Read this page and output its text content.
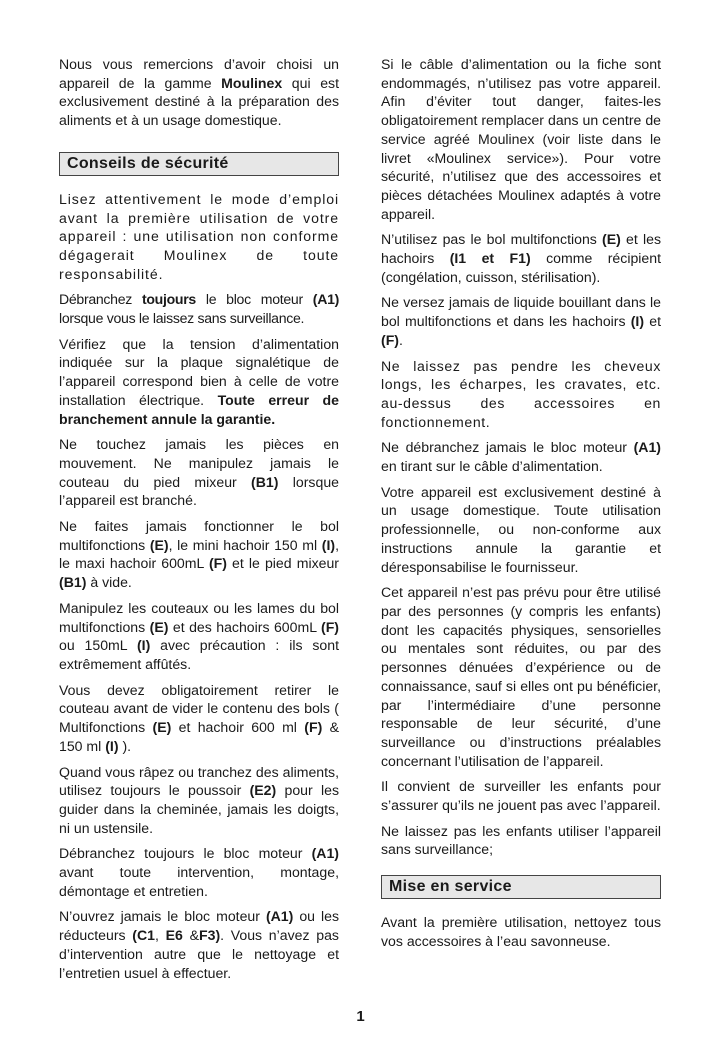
Nous vous remercions d’avoir choisi un appareil de la gamme Moulinex qui est exclusivement destiné à la préparation des aliments et à un usage domestique.

Conseils de sécurité

Lisez attentivement le mode d’emploi avant la première utilisation de votre appareil : une utilisation non conforme dégagerait Moulinex de toute responsabilité.

Débranchez toujours le bloc moteur (A1) lorsque vous le laissez sans surveillance.

Vérifiez que la tension d’alimentation indiquée sur la plaque signalétique de l’appareil correspond bien à celle de votre installation électrique. Toute erreur de branchement annule la garantie.

Ne touchez jamais les pièces en mouvement. Ne manipulez jamais le couteau du pied mixeur (B1) lorsque l’appareil est branché.

Ne faites jamais fonctionner le bol multifonctions (E), le mini hachoir 150 ml (I), le maxi hachoir 600mL (F) et le pied mixeur (B1) à vide.

Manipulez les couteaux ou les lames du bol multifonctions (E) et des hachoirs 600mL (F) ou 150mL (I) avec précaution : ils sont extrêmement affûtés.

Vous devez obligatoirement retirer le couteau avant de vider le contenu des bols ( Multifonctions (E) et hachoir 600 ml (F) & 150 ml (I) ).

Quand vous râpez ou tranchez des aliments, utilisez toujours le poussoir (E2) pour les guider dans la cheminée, jamais les doigts, ni un ustensile.

Débranchez toujours le bloc moteur (A1) avant toute intervention, montage, démontage et entretien.

N’ouvrez jamais le bloc moteur (A1) ou les réducteurs (C1, E6 &F3). Vous n’avez pas d’intervention autre que le nettoyage et l’entretien usuel à effectuer.

Si le câble d’alimentation ou la fiche sont endommagés, n’utilisez pas votre appareil. Afin d’éviter tout danger, faites-les obligatoirement remplacer dans un centre de service agréé Moulinex (voir liste dans le livret «Moulinex service»). Pour votre sécurité, n’utilisez que des accessoires et pièces détachées Moulinex adaptés à votre appareil.

N’utilisez pas le bol multifonctions (E) et les hachoirs (I1 et F1) comme récipient (congélation, cuisson, stérilisation).

Ne versez jamais de liquide bouillant dans le bol multifonctions et dans les hachoirs (I) et (F).

Ne laissez pas pendre les cheveux longs, les écharpes, les cravates, etc. au-dessus des accessoires en fonctionnement.

Ne débranchez jamais le bloc moteur (A1) en tirant sur le câble d’alimentation.

Votre appareil est exclusivement destiné à un usage domestique. Toute utilisation professionnelle, ou non-conforme aux instructions annule la garantie et déresponsabilise le fournisseur.

Cet appareil n’est pas prévu pour être utilisé par des personnes (y compris les enfants) dont les capacités physiques, sensorielles ou mentales sont réduites, ou par des personnes dénuées d’expérience ou de connaissance, sauf si elles ont pu bénéficier, par l’intermédiaire d’une personne responsable de leur sécurité, d’une surveillance ou d’instructions préalables concernant l’utilisation de l’appareil.

Il convient de surveiller les enfants pour s’assurer qu’ils ne jouent pas avec l’appareil.

Ne laissez pas les enfants utiliser l’appareil sans surveillance;

Mise en service

Avant la première utilisation, nettoyez tous vos accessoires à l’eau savonneuse.

1
